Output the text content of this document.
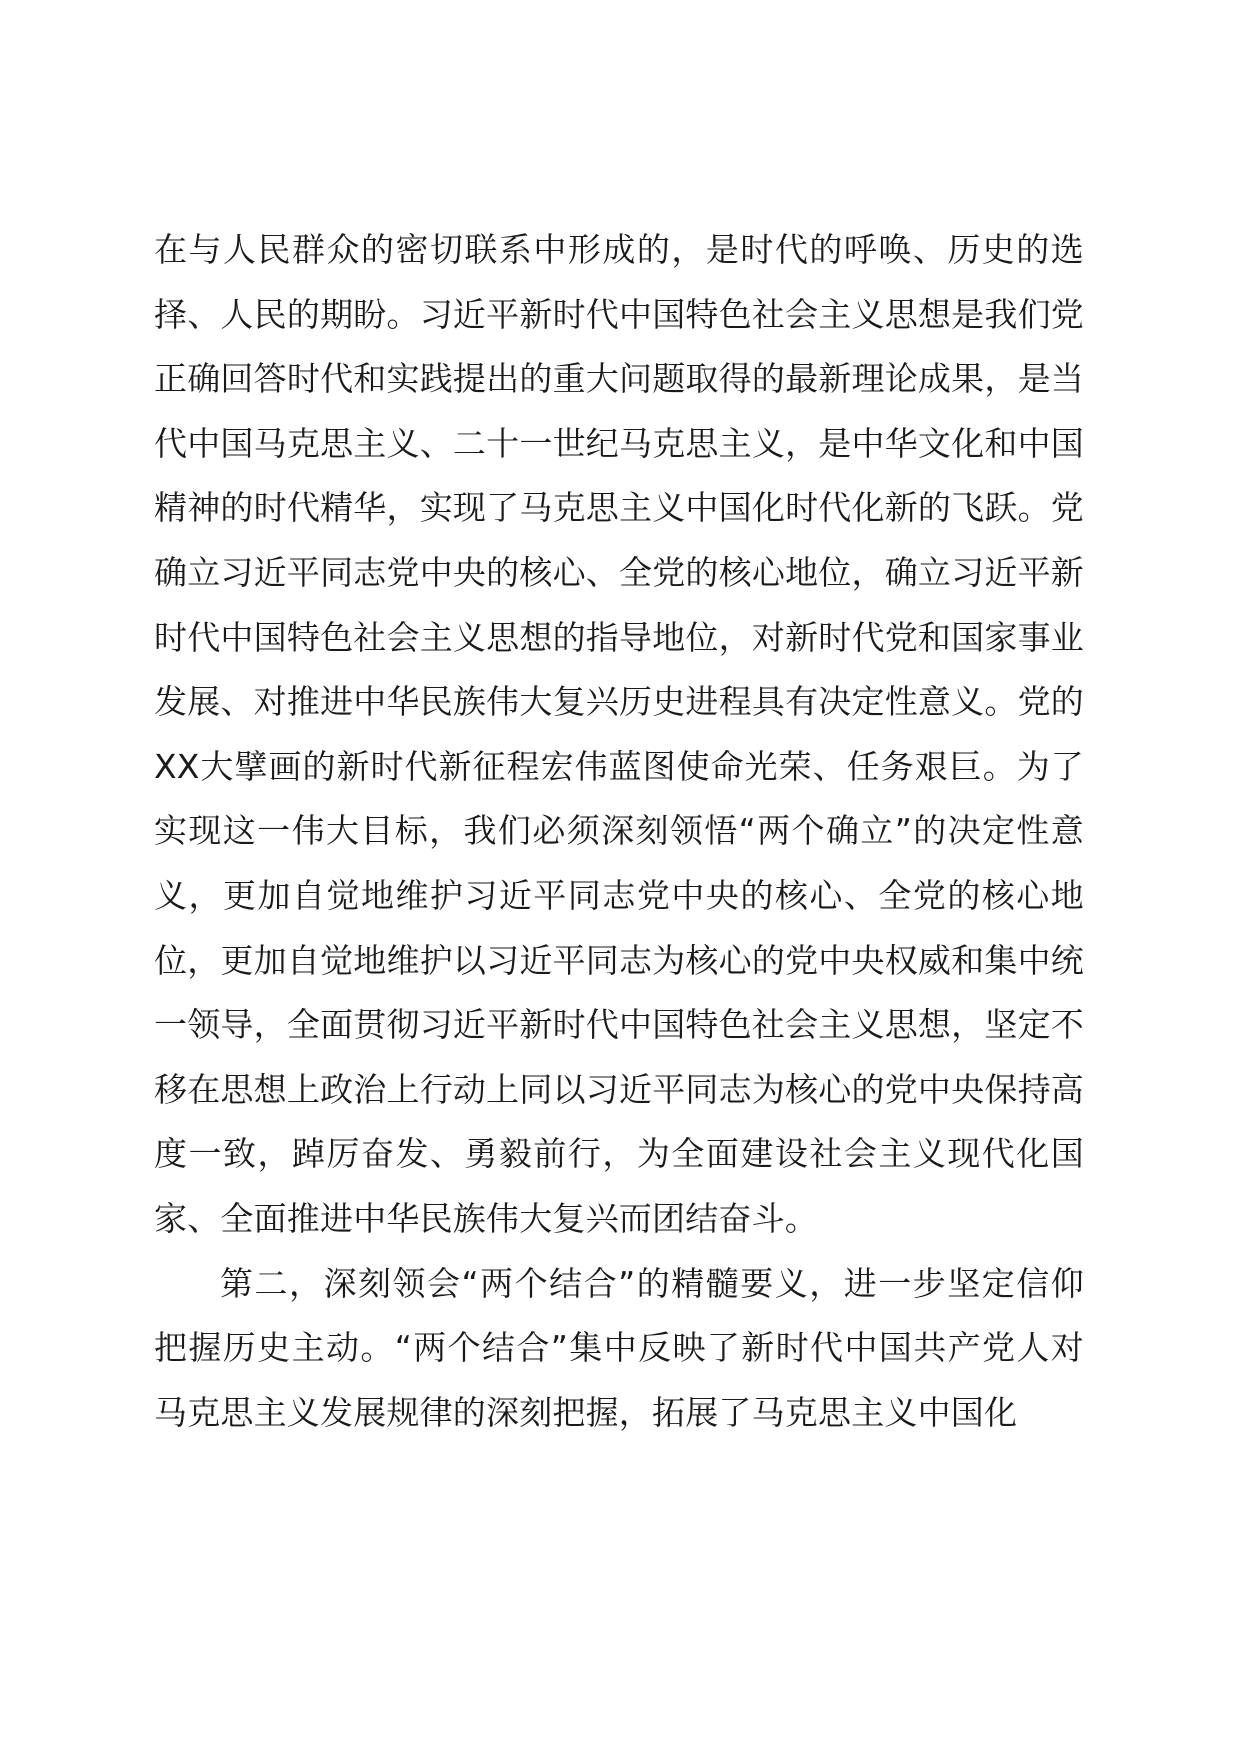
在与人民群众的密切联系中形成的，是时代的呼唤、历史的选择、人民的期盼。习近平新时代中国特色社会主义思想是我们党正确回答时代和实践提出的重大问题取得的最新理论成果，是当代中国马克思主义、二十一世纪马克思主义，是中华文化和中国精神的时代精华，实现了马克思主义中国化时代化新的飞跃。党确立习近平同志党中央的核心、全党的核心地位，确立习近平新时代中国特色社会主义思想的指导地位，对新时代党和国家事业发展、对推进中华民族伟大复兴历史进程具有决定性意义。党的XX大擘画的新时代新征程宏伟蓝图使命光荣、任务艰巨。为了实现这一伟大目标，我们必须深刻领悟“两个确立”的决定性意义，更加自觉地维护习近平同志党中央的核心、全党的核心地位，更加自觉地维护以习近平同志为核心的党中央权威和集中统一领导，全面贯彻习近平新时代中国特色社会主义思想，坚定不移在思想上政治上行动上同以习近平同志为核心的党中央保持高度一致，踔厉奋发、勇毅前行，为全面建设社会主义现代化国家、全面推进中华民族伟大复兴而团结奋斗。

第二，深刻领会“两个结合”的精髓要义，进一步坚定信仰把握历史主动。“两个结合”集中反映了新时代中国共产党人对马克思主义发展规律的深刻把握，拓展了马克思主义中国化
